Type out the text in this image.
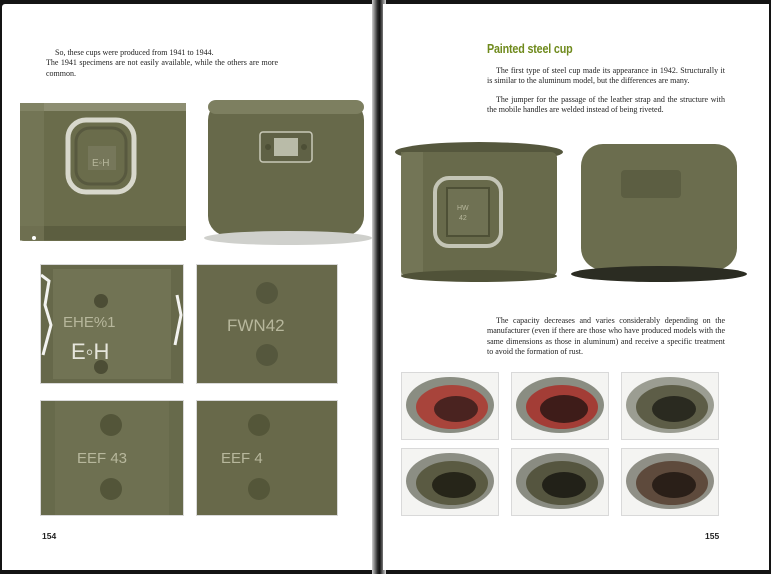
So, these cups were produced from 1941 to 1944.

The 1941 specimens are not easily available, while the others are more common.

E◦H
EHE%1
E◦H
FWN42
EEF 43	EEF 4
154
Painted steel cup

The first type of steel cup made its appearance in 1942. Structurally it is similar to the aluminum model, but the differences are many.

The jumper for the passage of the leather strap and the structure with the mobile handles are welded instead of being riveted.

HW
42

The capacity decreases and varies considerably depending on the manufacturer (even if there are those who have produced models with the same dimensions as those in aluminum) and receive a specific treatment to avoid the formation of rust.

155
